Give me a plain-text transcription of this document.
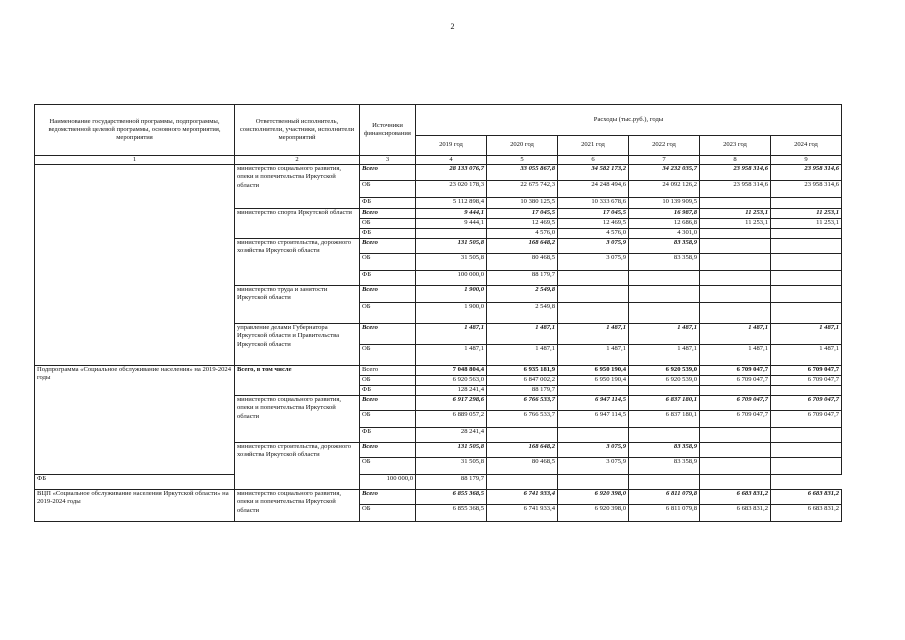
2
Наименование государственной программы, подпрограммы, ведомственной целевой программы, основного мероприятия, мероприятия	Ответственный исполнитель, соисполнители, участники, исполнители мероприятий	Источники финансирования	Расходы (тыс.руб.), годы					
			2019 год	2020 год	2021 год	2022 год	2023 год	2024 год
1	2	3	4	5	6	7	8	9
	министерство социального развития, опеки и попечительства Иркутской области	Всего	28 133 076,7	33 055 867,8	34 582 173,2	34 232 035,7	23 958 314,6	23 958 314,6
		ОБ	23 020 178,3	22 675 742,3	24 248 494,6	24 092 126,2	23 958 314,6	23 958 314,6
		ФБ	5 112 898,4	10 380 125,5	10 333 678,6	10 139 909,5		
	министерство спорта Иркутской области	Всего	9 444,1	17 045,5	17 045,5	16 987,8	11 253,1	11 253,1
		ОБ	9 444,1	12 469,5	12 469,5	12 686,8	11 253,1	11 253,1
		ФБ		4 576,0	4 576,0	4 301,0		
	министерство строительства, дорожного хозяйства Иркутской области	Всего	131 505,8	168 648,2	3 075,9	83 358,9		
		ОБ	31 505,8	80 468,5	3 075,9	83 358,9		
		ФБ	100 000,0	88 179,7				
	министерство труда и занятости Иркутской области	Всего	1 900,0	2 549,8				
		ОБ	1 900,0	2 549,8				
	управление делами Губернатора Иркутской области и Правительства Иркутской области	Всего	1 487,1	1 487,1	1 487,1	1 487,1	1 487,1	1 487,1
		ОБ	1 487,1	1 487,1	1 487,1	1 487,1	1 487,1	1 487,1
Подпрограмма «Социальное обслуживание населения» на 2019-2024 годы	Всего, в том числе	Всего	7 048 804,4	6 935 181,9	6 950 190,4	6 920 539,0	6 709 047,7	6 709 047,7
		ОБ	6 920 563,0	6 847 002,2	6 950 190,4	6 920 539,0	6 709 047,7	6 709 047,7
		ФБ	128 241,4	88 179,7				
	министерство социального развития, опеки и попечительства Иркутской области	Всего	6 917 298,6	6 766 533,7	6 947 114,5	6 837 180,1	6 709 047,7	6 709 047,7
		ОБ	6 889 057,2	6 766 533,7	6 947 114,5	6 837 180,1	6 709 047,7	6 709 047,7
		ФБ	28 241,4					
	министерство строительства, дорожного хозяйства Иркутской области	Всего	131 505,8	168 648,2	3 075,9	83 358,9		
		ОБ	31 505,8	80 468,5	3 075,9	83 358,9		
ФБ		100 000,0	88 179,7					
ВЦП «Социальное обслуживание населения Иркутской области» на 2019-2024 годы	министерство социального развития, опеки и попечительства Иркутской области	Всего	6 855 368,5	6 741 933,4	6 920 398,0	6 811 079,8	6 683 831,2	6 683 831,2
		ОБ	6 855 368,5	6 741 933,4	6 920 398,0	6 811 079,8	6 683 831,2	6 683 831,2
